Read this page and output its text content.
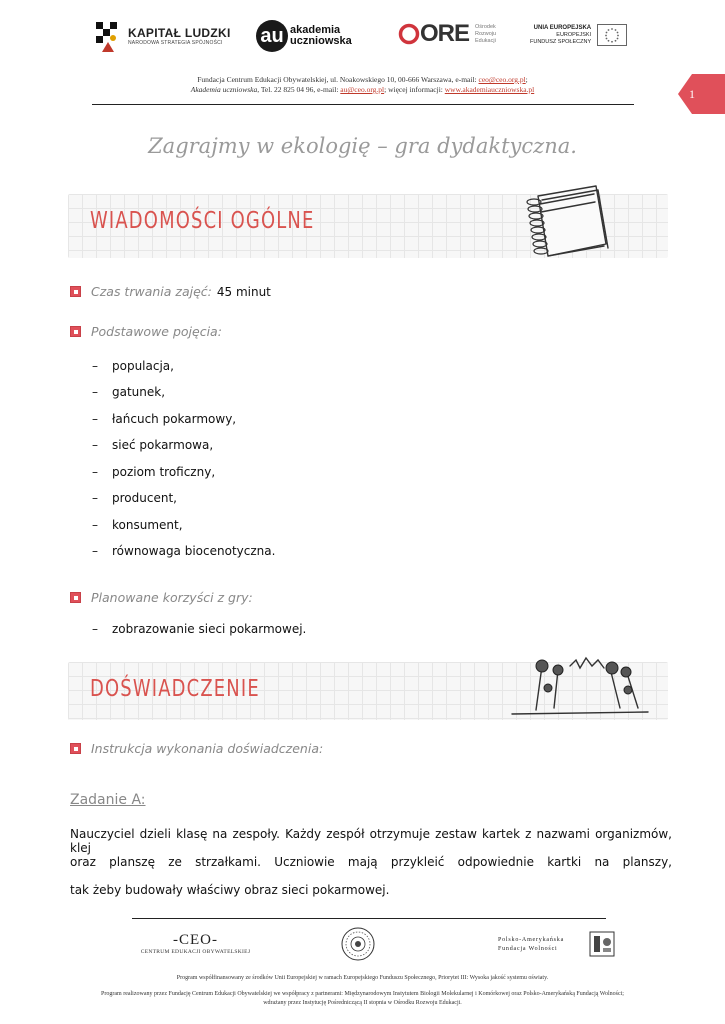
KAPITAŁ LUDZKI
NARODOWA STRATEGIA SPÓJNOŚCI	au akademia
uczniowska	ORE Ośrodek
Rozwoju
Edukacji
UNIA EUROPEJSKA
EUROPEJSKI
FUNDUSZ SPOŁECZNY
Fundacja Centrum Edukacji Obywatelskiej, ul. Noakowskiego 10, 00-666 Warszawa, e-mail: ceo@ceo.org.pl;
Akademia uczniowska, Tel. 22 825 04 96, e-mail: au@ceo.org.pl; więcej informacji: www.akademiauczniowska.pl	1
Zagrajmy w ekologię – gra dydaktyczna.
WIADOMOŚCI OGÓLNE
Czas trwania zajęć: 45 minut
Podstawowe pojęcia:
– populacja,
– gatunek,
– łańcuch pokarmowy,
– sieć pokarmowa,
– poziom troficzny,
– producent,
– konsument,
– równowaga biocenotyczna.
Planowane korzyści z gry:
– zobrazowanie sieci pokarmowej.
DOŚWIADCZENIE
Instrukcja wykonania doświadczenia:
Zadanie A:
Nauczyciel dzieli klasę na zespoły. Każdy zespół otrzymuje zestaw kartek z nazwami organizmów, klej
oraz planszę ze strzałkami. Uczniowie mają przykleić odpowiednie kartki na planszy,
tak żeby budowały właściwy obraz sieci pokarmowej.
-CEO-
CENTRUM EDUKACJI OBYWATELSKIEJ
Polsko-Amerykańska
Fundacja Wolności
Program współfinansowany ze środków Unii Europejskiej w ramach Europejskiego Funduszu Społecznego, Priorytet III: Wysoka jakość systemu oświaty.
Program realizowany przez Fundację Centrum Edukacji Obywatelskiej we współpracy z partnerami: Międzynarodowym Instytutem Biologii Molekularnej i Komórkowej oraz Polsko-Amerykańską Fundacją Wolności;
wdrażany przez Instytucję Pośredniczącą II stopnia w Ośrodku Rozwoju Edukacji.
